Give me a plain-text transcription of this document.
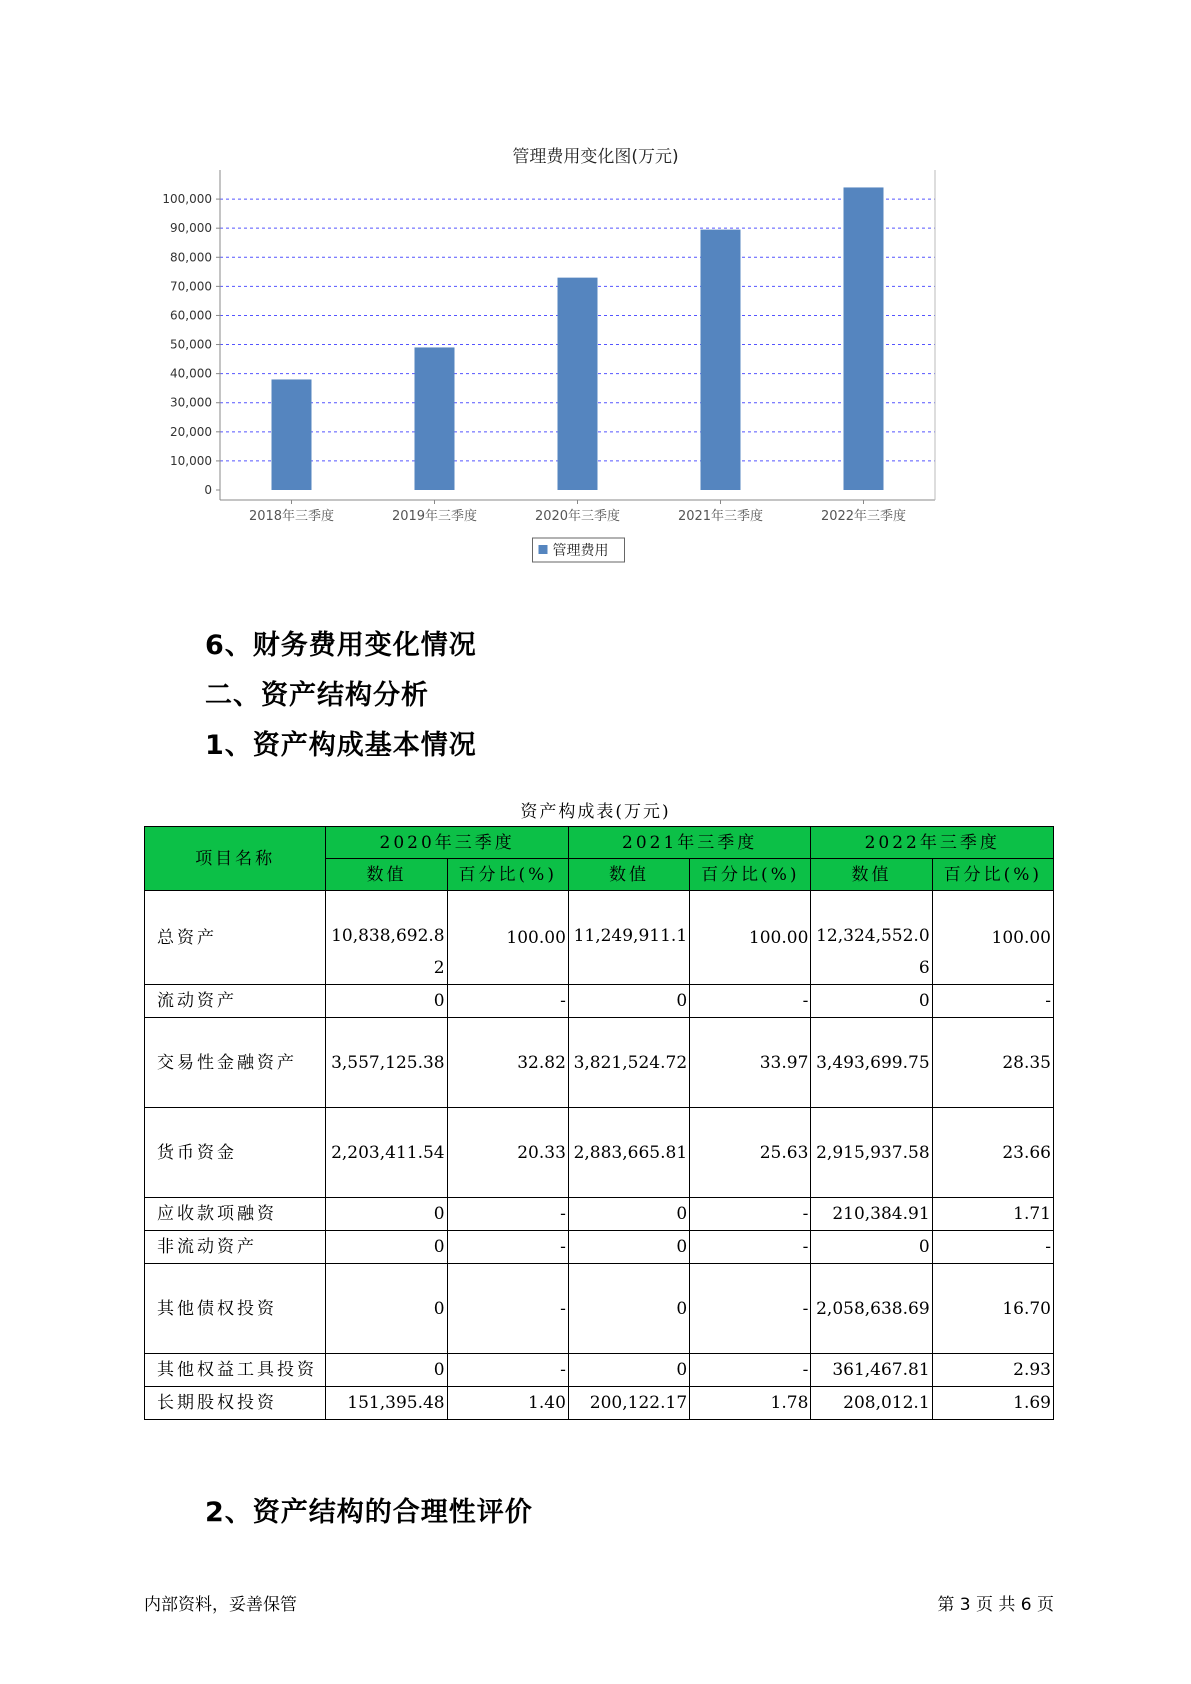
管理费用变化图(万元)
0
10,000
20,000
30,000
40,000
50,000
60,000
70,000
80,000
90,000
100,000
2018年三季度	2019年三季度	2020年三季度	2021年三季度	2022年三季度
管理费用
6、财务费用变化情况
二、资产结构分析
1、资产构成基本情况
资产构成表(万元)
项目名称	2020年三季度		2021年三季度		2022年三季度	
	数值	百分比(%)	数值	百分比(%)	数值	百分比(%)
总资产	10,838,692.82	100.00	11,249,911.1	100.00	12,324,552.06	100.00
流动资产	0	-	0	-	0	-
交易性金融资产	3,557,125.38	32.82	3,821,524.72	33.97	3,493,699.75	28.35
货币资金	2,203,411.54	20.33	2,883,665.81	25.63	2,915,937.58	23.66
应收款项融资	0	-	0	-	210,384.91	1.71
非流动资产	0	-	0	-	0	-
其他债权投资	0	-	0	-	2,058,638.69	16.70
其他权益工具投资	0	-	0	-	361,467.81	2.93
长期股权投资	151,395.48	1.40	200,122.17	1.78	208,012.1	1.69
2、资产结构的合理性评价
内部资料，妥善保管	第 3 页 共 6 页
